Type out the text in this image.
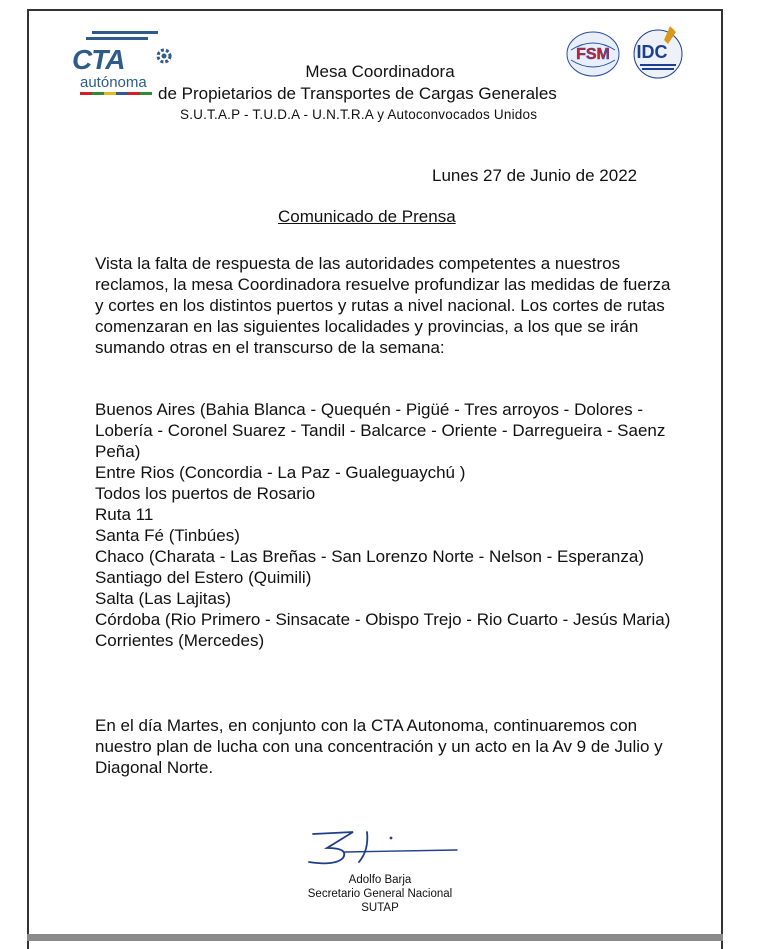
CTA
autónoma
FSM IDC
Mesa Coordinadora
de Propietarios de Transportes de Cargas Generales
S.U.T.A.P - T.U.D.A - U.N.T.R.A y Autoconvocados Unidos
Lunes 27 de Junio de 2022
Comunicado de Prensa
Vista la falta de respuesta de las autoridades competentes a nuestros reclamos, la mesa Coordinadora resuelve profundizar las medidas de fuerza y cortes en los distintos puertos y rutas a nivel nacional. Los cortes de rutas comenzaran en las siguientes localidades y provincias, a los que se irán sumando otras en el transcurso de la semana:
Buenos Aires (Bahia Blanca - Quequén - Pigüé - Tres arroyos - Dolores - Lobería - Coronel Suarez - Tandil - Balcarce - Oriente - Darregueira - Saenz Peña)
Entre Rios (Concordia - La Paz - Gualeguaychú )
Todos los puertos de Rosario
Ruta 11
Santa Fé (Tinbúes)
Chaco (Charata - Las Breñas - San Lorenzo Norte - Nelson - Esperanza)
Santiago del Estero (Quimili)
Salta (Las Lajitas)
Córdoba (Rio Primero - Sinsacate - Obispo Trejo - Rio Cuarto - Jesús Maria)
Corrientes (Mercedes)
En el día Martes, en conjunto con la CTA Autonoma, continuaremos con nuestro plan de lucha con una concentración y un acto en la Av 9 de Julio y Diagonal Norte.
Adolfo Barja
Secretario General Nacional
SUTAP
